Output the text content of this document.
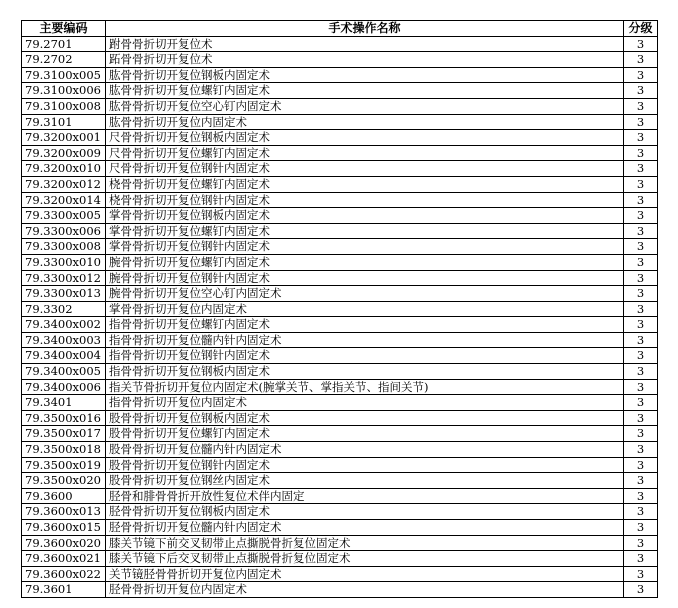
主要编码	手术操作名称	分级
79.2701	跗骨骨折切开复位术	3
79.2702	跖骨骨折切开复位术	3
79.3100x005	肱骨骨折切开复位钢板内固定术	3
79.3100x006	肱骨骨折切开复位螺钉内固定术	3
79.3100x008	肱骨骨折切开复位空心钉内固定术	3
79.3101	肱骨骨折切开复位内固定术	3
79.3200x001	尺骨骨折切开复位钢板内固定术	3
79.3200x009	尺骨骨折切开复位螺钉内固定术	3
79.3200x010	尺骨骨折切开复位钢针内固定术	3
79.3200x012	桡骨骨折切开复位螺钉内固定术	3
79.3200x014	桡骨骨折切开复位钢针内固定术	3
79.3300x005	掌骨骨折切开复位钢板内固定术	3
79.3300x006	掌骨骨折切开复位螺钉内固定术	3
79.3300x008	掌骨骨折切开复位钢针内固定术	3
79.3300x010	腕骨骨折切开复位螺钉内固定术	3
79.3300x012	腕骨骨折切开复位钢针内固定术	3
79.3300x013	腕骨骨折切开复位空心钉内固定术	3
79.3302	掌骨骨折切开复位内固定术	3
79.3400x002	指骨骨折切开复位螺钉内固定术	3
79.3400x003	指骨骨折切开复位髓内针内固定术	3
79.3400x004	指骨骨折切开复位钢针内固定术	3
79.3400x005	指骨骨折切开复位钢板内固定术	3
79.3400x006	指关节骨折切开复位内固定术(腕掌关节、掌指关节、指间关节)	3
79.3401	指骨骨折切开复位内固定术	3
79.3500x016	股骨骨折切开复位钢板内固定术	3
79.3500x017	股骨骨折切开复位螺钉内固定术	3
79.3500x018	股骨骨折切开复位髓内针内固定术	3
79.3500x019	股骨骨折切开复位钢针内固定术	3
79.3500x020	股骨骨折切开复位钢丝内固定术	3
79.3600	胫骨和腓骨骨折开放性复位术伴内固定	3
79.3600x013	胫骨骨折切开复位钢板内固定术	3
79.3600x015	胫骨骨折切开复位髓内针内固定术	3
79.3600x020	膝关节镜下前交叉韧带止点撕脱骨折复位固定术	3
79.3600x021	膝关节镜下后交叉韧带止点撕脱骨折复位固定术	3
79.3600x022	关节镜胫骨骨折切开复位内固定术	3
79.3601	胫骨骨折切开复位内固定术	3
